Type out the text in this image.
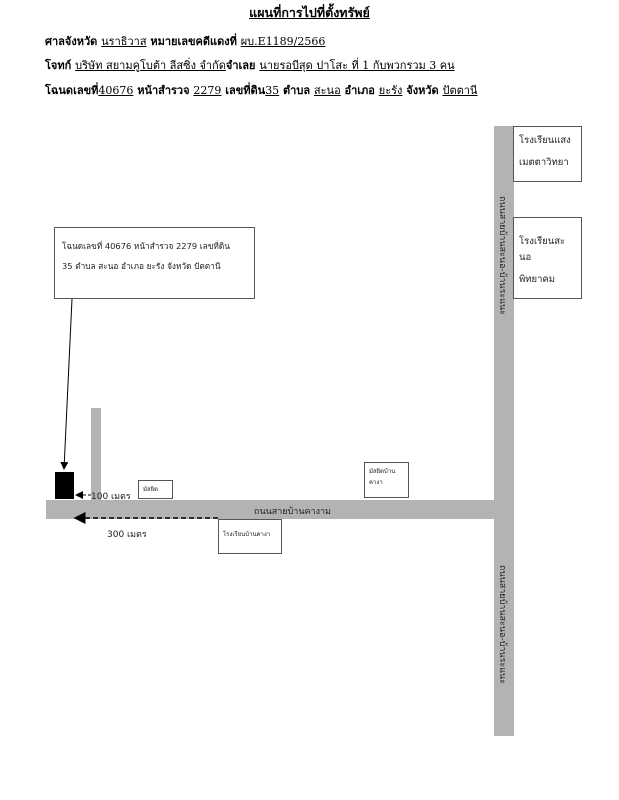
แผนที่การไปที่ตั้งทรัพย์
ศาลจังหวัด นราธิวาส หมายเลขคดีแดงที่ ผบ.E1189/2566
โจทก์ บริษัท สยามคูโบต้า ลีสซิ่ง จำกัดจำเลย นายรอบีสุด ปาโสะ ที่ 1 กับพวกรวม 3 คน
โฉนดเลขที่40676 หน้าสำรวจ 2279 เลขที่ดิน35 ตำบล สะนอ อำเภอ ยะรัง จังหวัด ปัตตานี
ถนนสายบ้านสะนอ-บ้านระแนะ
ถนนสายบ้านสะนอ-บ้านระแนะ
ถนนสายบ้านคางาม
โรงเรียนแสง
เมตตาวิทยา
โรงเรียนสะนอ
พิทยาคม
โฉนดเลขที่ 40676 หน้าสำรวจ 2279 เลขที่ดิน
35 ตำบล สะนอ อำเภอ ยะรัง จังหวัด ปัตตานี
มัสยิด
มัสยิดบ้าน
คางา
โรงเรียนบ้านคางา
100 เมตร
300 เมตร
